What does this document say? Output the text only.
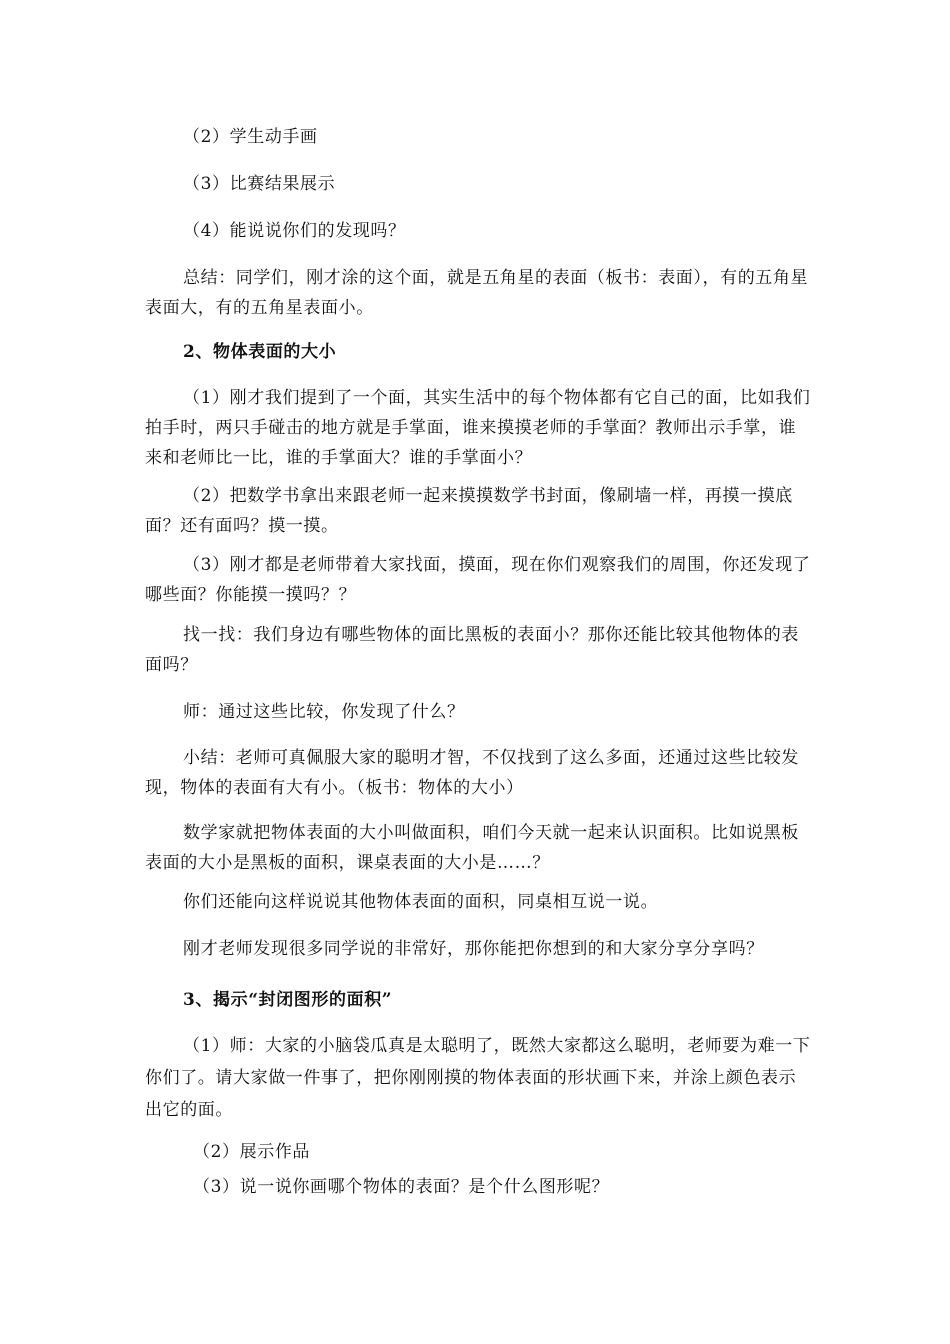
（2）学生动手画

（3）比赛结果展示

（4）能说说你们的发现吗？

总结：同学们，刚才涂的这个面，就是五角星的表面（板书：表面），有的五角星表面大，有的五角星表面小。

2、物体表面的大小

（1）刚才我们提到了一个面，其实生活中的每个物体都有它自己的面，比如我们拍手时，两只手碰击的地方就是手掌面，谁来摸摸老师的手掌面？教师出示手掌，谁来和老师比一比，谁的手掌面大？谁的手掌面小？

（2）把数学书拿出来跟老师一起来摸摸数学书封面，像刷墙一样，再摸一摸底面？还有面吗？摸一摸。

（3）刚才都是老师带着大家找面，摸面，现在你们观察我们的周围，你还发现了哪些面？你能摸一摸吗？？

找一找：我们身边有哪些物体的面比黑板的表面小？那你还能比较其他物体的表面吗？

师：通过这些比较，你发现了什么？

小结：老师可真佩服大家的聪明才智，不仅找到了这么多面，还通过这些比较发现，物体的表面有大有小。（板书：物体的大小）

数学家就把物体表面的大小叫做面积，咱们今天就一起来认识面积。比如说黑板表面的大小是黑板的面积，课桌表面的大小是……？

你们还能向这样说说其他物体表面的面积，同桌相互说一说。

刚才老师发现很多同学说的非常好，那你能把你想到的和大家分享分享吗？

3、揭示“封闭图形的面积”

（1）师：大家的小脑袋瓜真是太聪明了，既然大家都这么聪明，老师要为难一下你们了。请大家做一件事了，把你刚刚摸的物体表面的形状画下来，并涂上颜色表示出它的面。

（2）展示作品

（3）说一说你画哪个物体的表面？是个什么图形呢？
